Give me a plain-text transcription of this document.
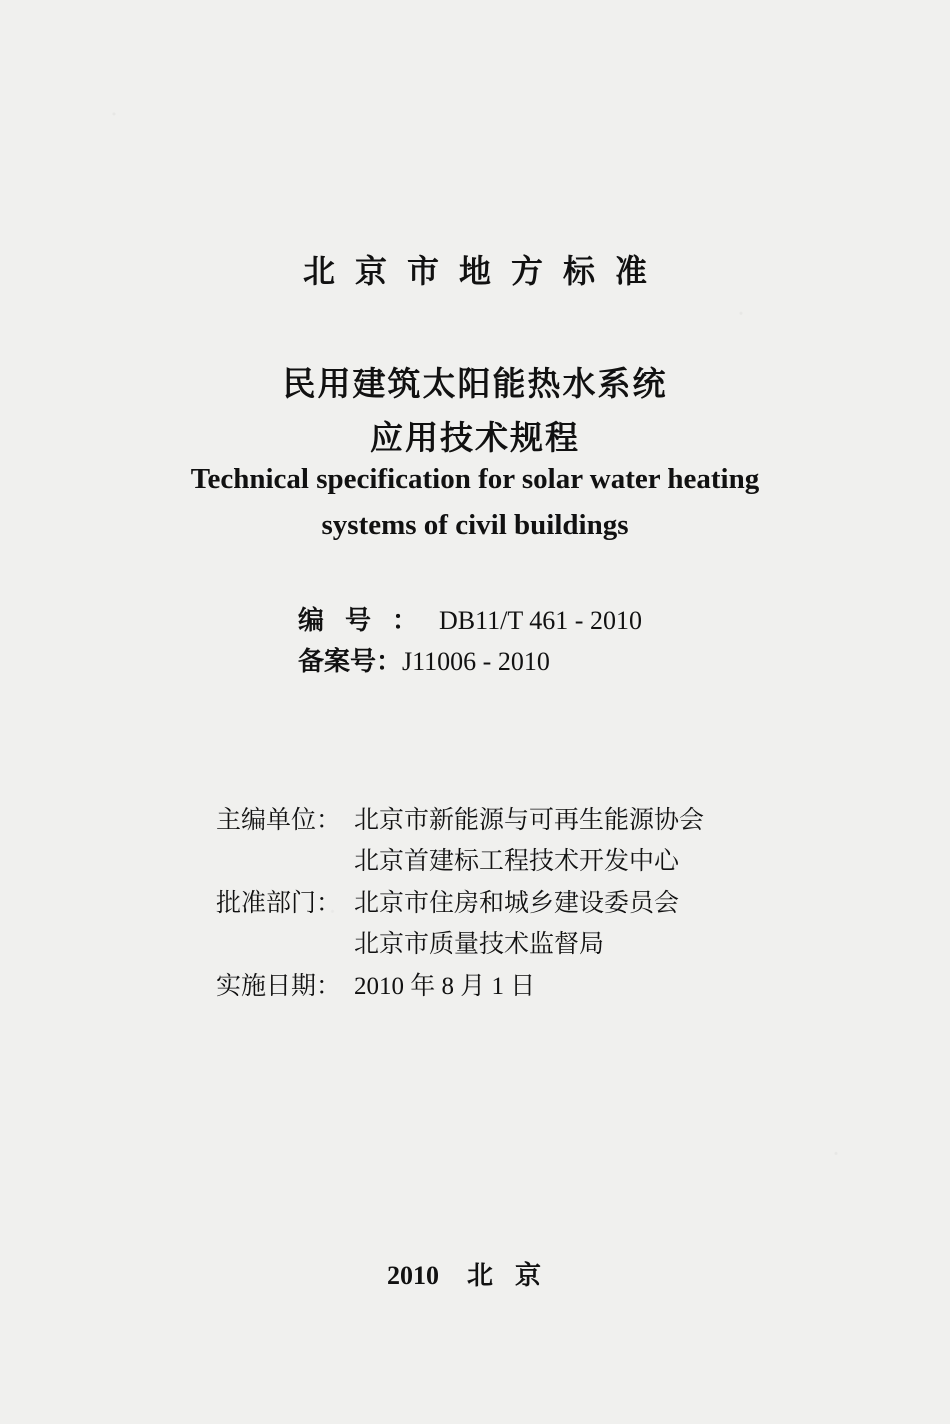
北京市地方标准
民用建筑太阳能热水系统
应用技术规程
Technical specification for solar water heating
systems of civil buildings
编号：DB11/T 461 - 2010
备案号：J11006 - 2010
主编单位： 北京市新能源与可再生能源协会
北京首建标工程技术开发中心
批准部门： 北京市住房和城乡建设委员会
北京市质量技术监督局
实施日期： 2010 年 8 月 1 日
2010 北京
